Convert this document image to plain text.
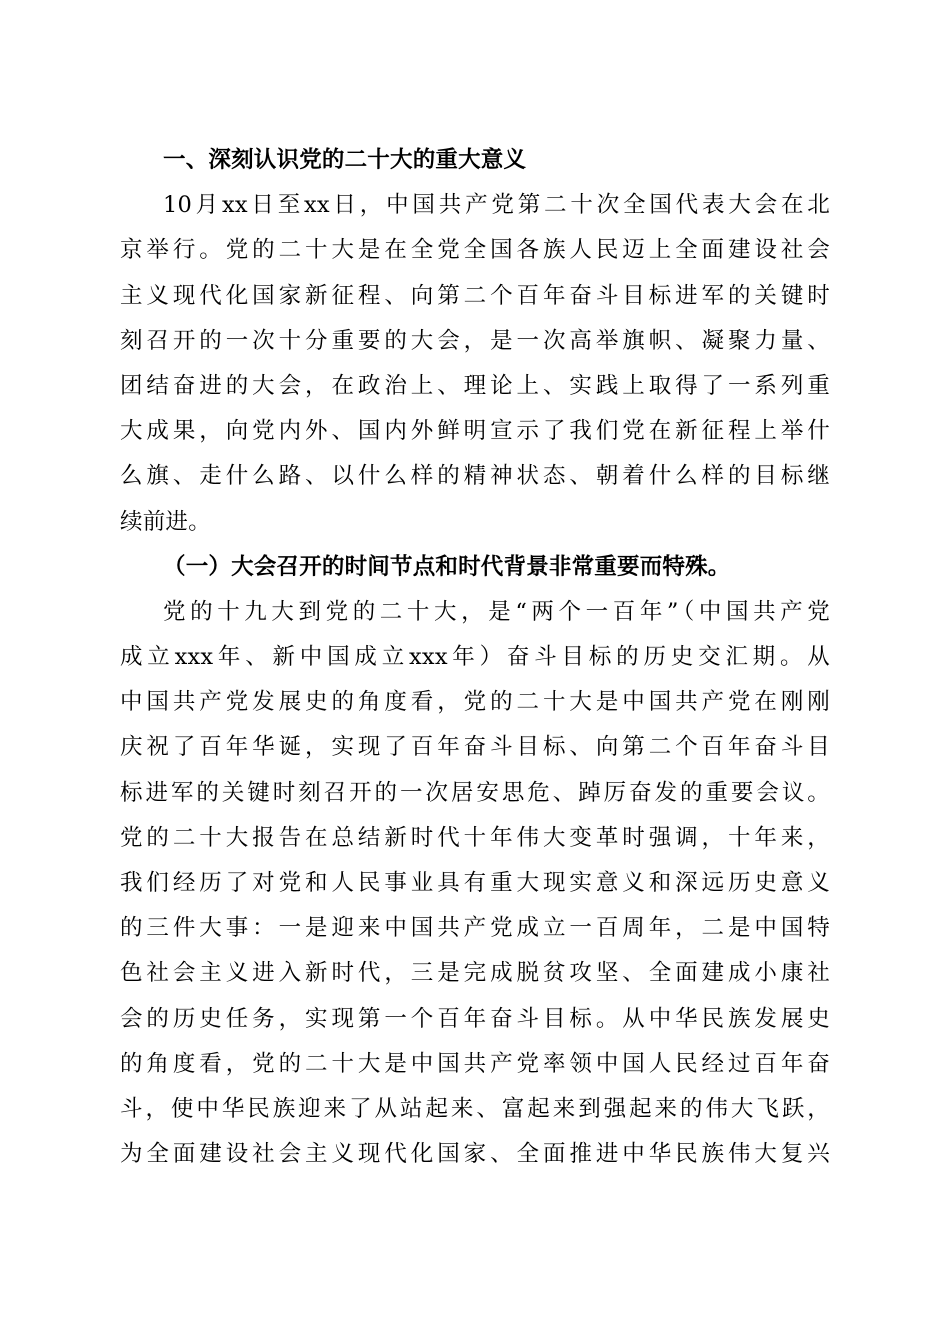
一、深刻认识党的二十大的重大意义
10月xx日至xx日，中国共产党第二十次全国代表大会在北
京举行。党的二十大是在全党全国各族人民迈上全面建设社会
主义现代化国家新征程、向第二个百年奋斗目标进军的关键时
刻召开的一次十分重要的大会，是一次高举旗帜、凝聚力量、
团结奋进的大会，在政治上、理论上、实践上取得了一系列重
大成果，向党内外、国内外鲜明宣示了我们党在新征程上举什
么旗、走什么路、以什么样的精神状态、朝着什么样的目标继
续前进。
（一）大会召开的时间节点和时代背景非常重要而特殊。
党的十九大到党的二十大，是“两个一百年”（中国共产党
成立xxx年、新中国成立xxx年）奋斗目标的历史交汇期。从
中国共产党发展史的角度看，党的二十大是中国共产党在刚刚
庆祝了百年华诞，实现了百年奋斗目标、向第二个百年奋斗目
标进军的关键时刻召开的一次居安思危、踔厉奋发的重要会议。
党的二十大报告在总结新时代十年伟大变革时强调，十年来，
我们经历了对党和人民事业具有重大现实意义和深远历史意义
的三件大事：一是迎来中国共产党成立一百周年，二是中国特
色社会主义进入新时代，三是完成脱贫攻坚、全面建成小康社
会的历史任务，实现第一个百年奋斗目标。从中华民族发展史
的角度看，党的二十大是中国共产党率领中国人民经过百年奋
斗，使中华民族迎来了从站起来、富起来到强起来的伟大飞跃，
为全面建设社会主义现代化国家、全面推进中华民族伟大复兴
